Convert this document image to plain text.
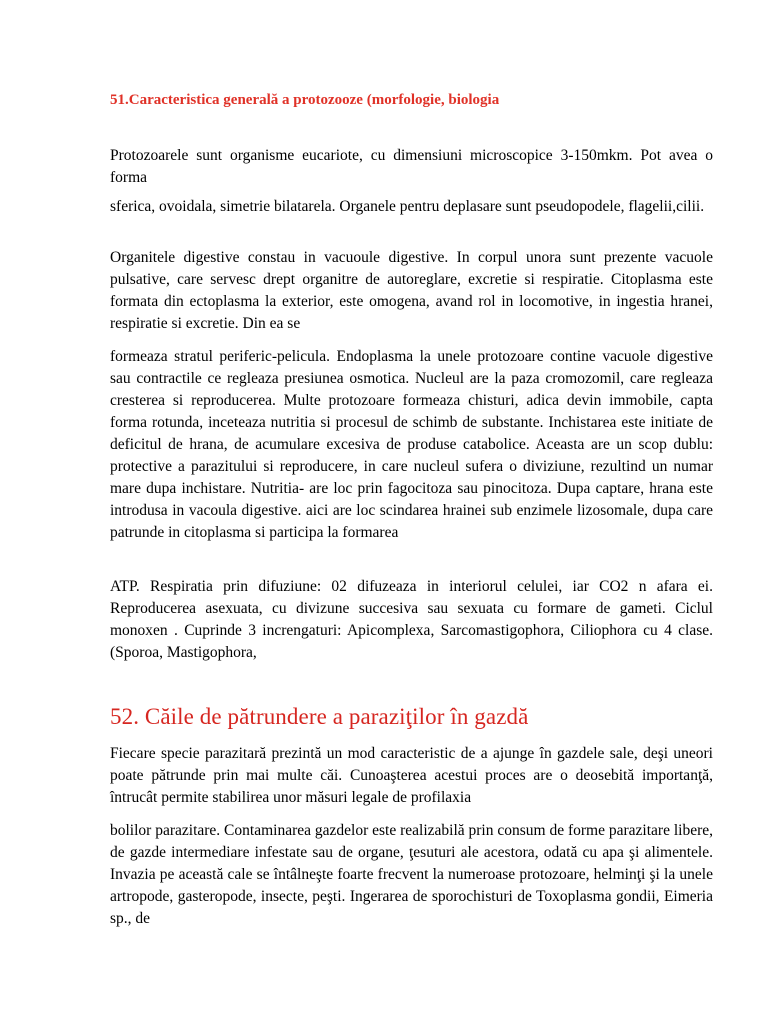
51.Caracteristica generală a protozooze (morfologie, biologia

Protozoarele sunt organisme eucariote, cu dimensiuni microscopice 3-150mkm. Pot avea o forma

sferica, ovoidala, simetrie bilatarela. Organele pentru deplasare sunt pseudopodele, flagelii,cilii.

Organitele digestive constau in vacuoule digestive. In corpul unora sunt prezente vacuole pulsative, care servesc drept organitre de autoreglare, excretie si respiratie. Citoplasma este formata din ectoplasma la exterior, este omogena, avand rol in locomotive, in ingestia hranei, respiratie si excretie. Din ea se

formeaza stratul periferic-pelicula. Endoplasma la unele protozoare contine vacuole digestive sau contractile ce regleaza presiunea osmotica. Nucleul are la paza cromozomil, care regleaza cresterea si reproducerea. Multe protozoare formeaza chisturi, adica devin immobile, capta forma rotunda, inceteaza nutritia si procesul de schimb de substante. Inchistarea este initiate de deficitul de hrana, de acumulare excesiva de produse catabolice. Aceasta are un scop dublu: protective a parazitului si reproducere, in care nucleul sufera o diviziune, rezultind un numar mare dupa inchistare. Nutritia- are loc prin fagocitoza sau pinocitoza. Dupa captare, hrana este introdusa in vacoula digestive. aici are loc scindarea hrainei sub enzimele lizosomale, dupa care patrunde in citoplasma si participa la formarea

ATP. Respiratia prin difuziune: 02 difuzeaza in interiorul celulei, iar CO2 n afara ei. Reproducerea asexuata, cu divizune succesiva sau sexuata cu formare de gameti. Ciclul monoxen . Cuprinde 3 increngaturi: Apicomplexa, Sarcomastigophora, Ciliophora cu 4 clase.(Sporoa, Mastigophora,

52. Căile de pătrundere a paraziţilor în gazdă

Fiecare specie parazitară prezintă un mod caracteristic de a ajunge în gazdele sale, deşi uneori poate pătrunde prin mai multe căi. Cunoaşterea acestui proces are o deosebită importanţă, întrucât permite stabilirea unor măsuri legale de profilaxia

bolilor parazitare. Contaminarea gazdelor este realizabilă prin consum de forme parazitare libere, de gazde intermediare infestate sau de organe, ţesuturi ale acestora, odată cu apa şi alimentele. Invazia pe această cale se întâlneşte foarte frecvent la numeroase protozoare, helminţi şi la unele artropode, gasteropode, insecte, peşti. Ingerarea de sporochisturi de Toxoplasma gondii, Eimeria sp., de
